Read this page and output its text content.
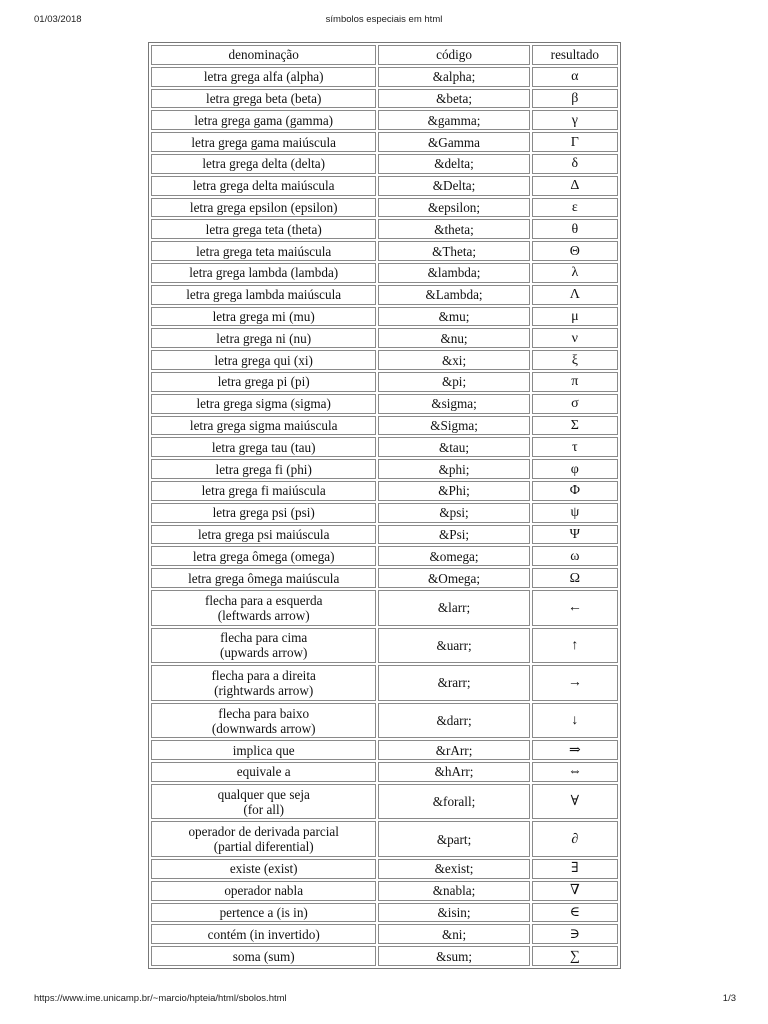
01/03/2018	símbolos especiais em html
denominação	código	resultado
letra grega alfa (alpha)	&alpha;	α
letra grega beta (beta)	&beta;	β
letra grega gama (gamma)	&gamma;	γ
letra grega gama maiúscula	&Gamma	Γ
letra grega delta (delta)	&delta;	δ
letra grega delta maiúscula	&Delta;	Δ
letra grega epsilon (epsilon)	&epsilon;	ε
letra grega teta (theta)	&theta;	θ
letra grega teta maiúscula	&Theta;	Θ
letra grega lambda (lambda)	&lambda;	λ
letra grega lambda maiúscula	&Lambda;	Λ
letra grega mi (mu)	&mu;	μ
letra grega ni (nu)	&nu;	ν
letra grega qui (xi)	&xi;	ξ
letra grega pi (pi)	&pi;	π
letra grega sigma (sigma)	&sigma;	σ
letra grega sigma maiúscula	&Sigma;	Σ
letra grega tau (tau)	&tau;	τ
letra grega fi (phi)	&phi;	φ
letra grega fi maiúscula	&Phi;	Φ
letra grega psi (psi)	&psi;	ψ
letra grega psi maiúscula	&Psi;	Ψ
letra grega ômega (omega)	&omega;	ω
letra grega ômega maiúscula	&Omega;	Ω
flecha para a esquerda
(leftwards arrow)	&larr;	←
flecha para cima
(upwards arrow)	&uarr;	↑
flecha para a direita
(rightwards arrow)	&rarr;	→
flecha para baixo
(downwards arrow)	&darr;	↓
implica que	&rArr;	⇒
equivale a	&hArr;	⇔
qualquer que seja
(for all)	&forall;	∀
operador de derivada parcial
(partial diferential)	&part;	∂
existe (exist)	&exist;	∃
operador nabla	&nabla;	∇
pertence a (is in)	&isin;	∈
contém (in invertido)	&ni;	∋
soma (sum)	&sum;	∑
https://www.ime.unicamp.br/~marcio/hpteia/html/sbolos.html	1/3
